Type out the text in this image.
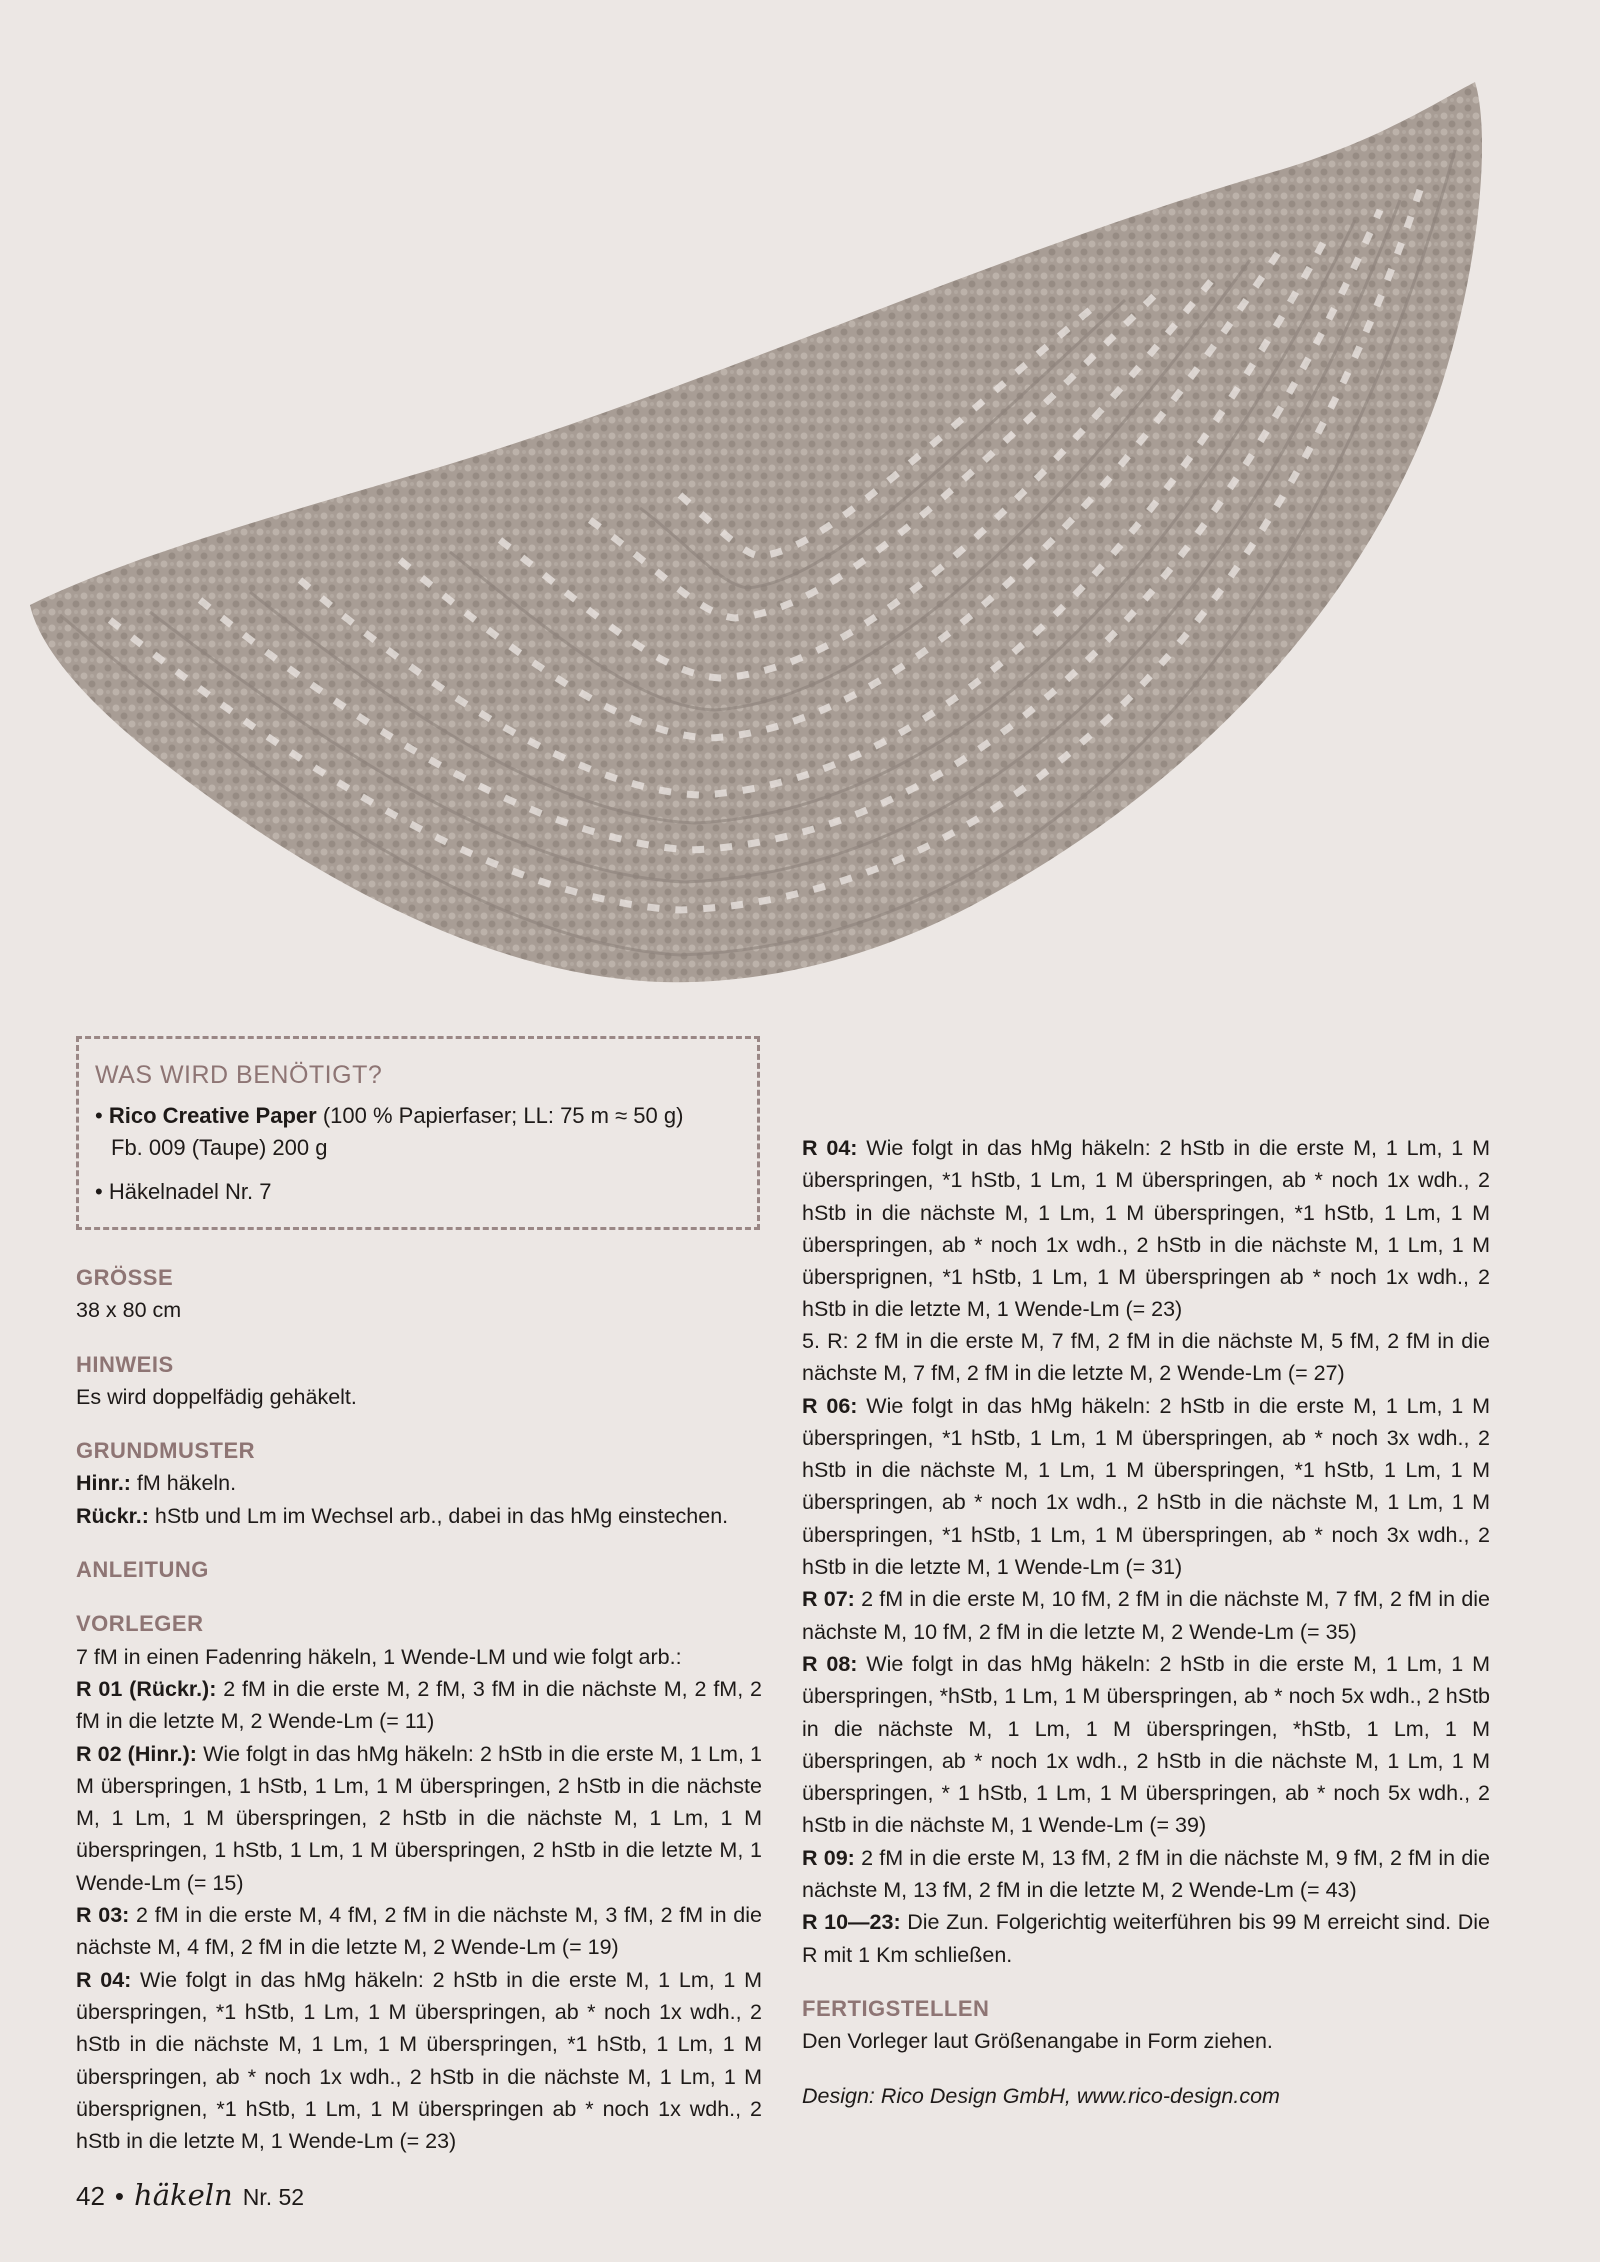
WAS WIRD BENÖTIGT?

• Rico Creative Paper (100 % Papierfaser; LL: 75 m ≈ 50 g)

Fb. 009 (Taupe) 200 g

• Häkelnadel Nr. 7

GRÖSSE

38 x 80 cm

HINWEIS

Es wird doppelfädig gehäkelt.

GRUNDMUSTER

Hinr.: fM häkeln.

Rückr.: hStb und Lm im Wechsel arb., dabei in das hMg einstechen.

ANLEITUNG

VORLEGER

7 fM in einen Fadenring häkeln, 1 Wende-LM und wie folgt arb.:

R 01 (Rückr.): 2 fM in die erste M, 2 fM, 3 fM in die nächste M, 2 fM, 2 fM in die letzte M, 2 Wende-Lm (= 11)

R 02 (Hinr.): Wie folgt in das hMg häkeln: 2 hStb in die erste M, 1 Lm, 1 M überspringen, 1 hStb, 1 Lm, 1 M überspringen, 2 hStb in die nächste M, 1 Lm, 1 M überspringen, 2 hStb in die nächste M, 1 Lm, 1 M überspringen, 1 hStb, 1 Lm, 1 M überspringen, 2 hStb in die letzte M, 1 Wende-Lm (= 15)

R 03: 2 fM in die erste M, 4 fM, 2 fM in die nächste M, 3 fM, 2 fM in die nächste M, 4 fM, 2 fM in die letzte M, 2 Wende-Lm (= 19)

R 04: Wie folgt in das hMg häkeln: 2 hStb in die erste M, 1 Lm, 1 M überspringen, *1 hStb, 1 Lm, 1 M überspringen, ab * noch 1x wdh., 2 hStb in die nächste M, 1 Lm, 1 M überspringen, *1 hStb, 1 Lm, 1 M überspringen, ab * noch 1x wdh., 2 hStb in die nächste M, 1 Lm, 1 M übersprignen, *1 hStb, 1 Lm, 1 M überspringen ab * noch 1x wdh., 2 hStb in die letzte M, 1 Wende-Lm (= 23)

R 04: Wie folgt in das hMg häkeln: 2 hStb in die erste M, 1 Lm, 1 M überspringen, *1 hStb, 1 Lm, 1 M überspringen, ab * noch 1x wdh., 2 hStb in die nächste M, 1 Lm, 1 M überspringen, *1 hStb, 1 Lm, 1 M überspringen, ab * noch 1x wdh., 2 hStb in die nächste M, 1 Lm, 1 M übersprignen, *1 hStb, 1 Lm, 1 M überspringen ab * noch 1x wdh., 2 hStb in die letzte M, 1 Wende-Lm (= 23)

5. R: 2 fM in die erste M, 7 fM, 2 fM in die nächste M, 5 fM, 2 fM in die nächste M, 7 fM, 2 fM in die letzte M, 2 Wende-Lm (= 27)

R 06: Wie folgt in das hMg häkeln: 2 hStb in die erste M, 1 Lm, 1 M überspringen, *1 hStb, 1 Lm, 1 M überspringen, ab * noch 3x wdh., 2 hStb in die nächste M, 1 Lm, 1 M überspringen, *1 hStb, 1 Lm, 1 M überspringen, ab * noch 1x wdh., 2 hStb in die nächste M, 1 Lm, 1 M überspringen, *1 hStb, 1 Lm, 1 M überspringen, ab * noch 3x wdh., 2 hStb in die letzte M, 1 Wende-Lm (= 31)

R 07: 2 fM in die erste M, 10 fM, 2 fM in die nächste M, 7 fM, 2 fM in die nächste M, 10 fM, 2 fM in die letzte M, 2 Wende-Lm (= 35)

R 08: Wie folgt in das hMg häkeln: 2 hStb in die erste M, 1 Lm, 1 M überspringen, *hStb, 1 Lm, 1 M überspringen, ab * noch 5x wdh., 2 hStb in die nächste M, 1 Lm, 1 M überspringen, *hStb, 1 Lm, 1 M überspringen, ab * noch 1x wdh., 2 hStb in die nächste M, 1 Lm, 1 M überspringen, * 1 hStb, 1 Lm, 1 M überspringen, ab * noch 5x wdh., 2 hStb in die nächste M, 1 Wende-Lm (= 39)

R 09: 2 fM in die erste M, 13 fM, 2 fM in die nächste M, 9 fM, 2 fM in die nächste M, 13 fM, 2 fM in die letzte M, 2 Wende-Lm (= 43)

R 10—23: Die Zun. Folgerichtig weiterführen bis 99 M erreicht sind. Die R mit 1 Km schließen.

FERTIGSTELLEN

Den Vorleger laut Größenangabe in Form ziehen.

Design: Rico Design GmbH, www.rico-design.com

42 • häkeln Nr. 52
